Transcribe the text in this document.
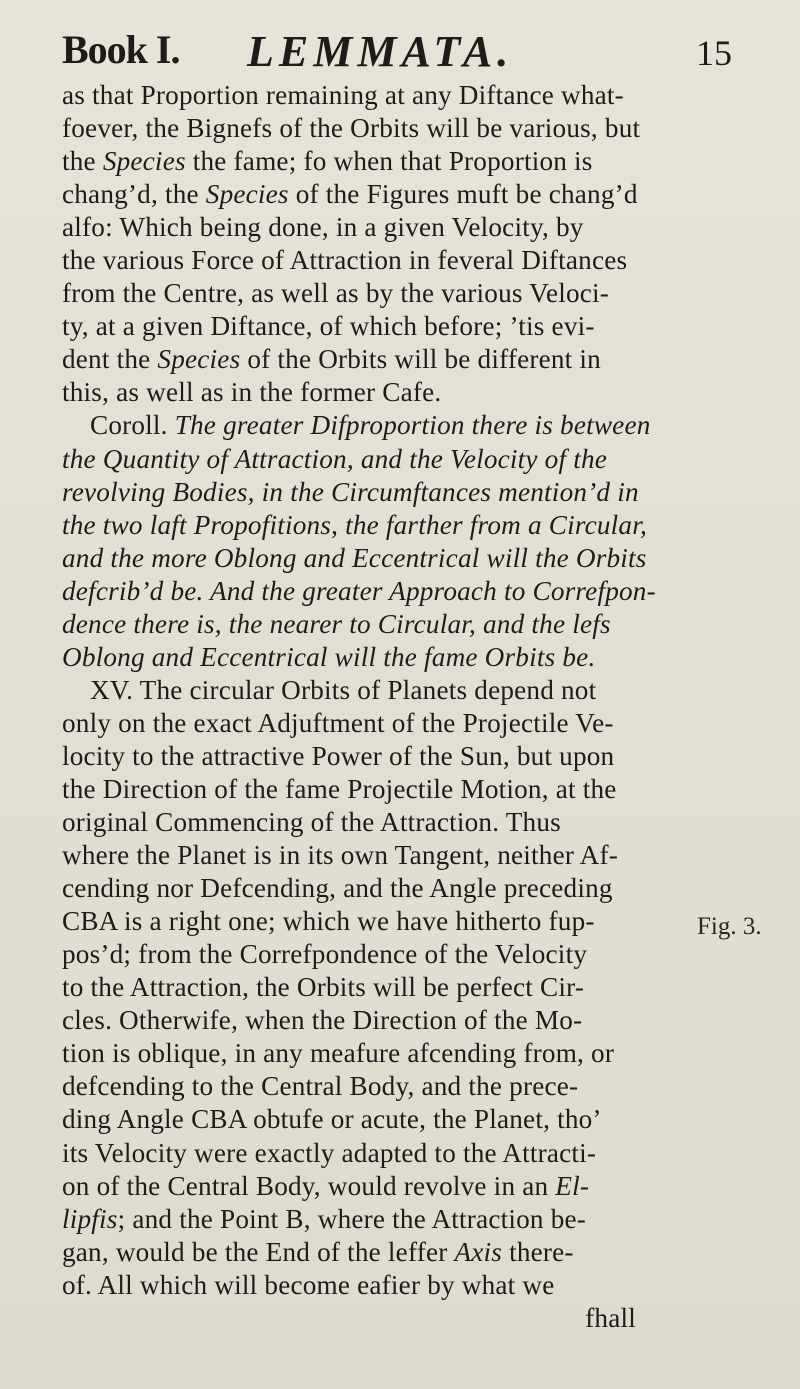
Book I. LEMMATA.	15
as that Proportion remaining at any Diftance what-
foever, the Bignefs of the Orbits will be various, but
the Species the fame; fo when that Proportion is
chang’d, the Species of the Figures muft be chang’d
alfo: Which being done, in a given Velocity, by
the various Force of Attraction in feveral Diftances
from the Centre, as well as by the various Veloci-
ty, at a given Diftance, of which before; ’tis evi-
dent the Species of the Orbits will be different in
this, as well as in the former Cafe.
Coroll. The greater Difproportion there is between
the Quantity of Attraction, and the Velocity of the
revolving Bodies, in the Circumftances mention’d in
the two laft Propofitions, the farther from a Circular,
and the more Oblong and Eccentrical will the Orbits
defcrib’d be. And the greater Approach to Correfpon-
dence there is, the nearer to Circular, and the lefs
Oblong and Eccentrical will the fame Orbits be.
XV. The circular Orbits of Planets depend not
only on the exact Adjuftment of the Projectile Ve-
locity to the attractive Power of the Sun, but upon
the Direction of the fame Projectile Motion, at the
original Commencing of the Attraction. Thus
where the Planet is in its own Tangent, neither Af-
cending nor Defcending, and the Angle preceding
CBA is a right one; which we have hitherto fup-
pos’d; from the Correfpondence of the Velocity
to the Attraction, the Orbits will be perfect Cir-
cles. Otherwife, when the Direction of the Mo-
tion is oblique, in any meafure afcending from, or
defcending to the Central Body, and the prece-
ding Angle CBA obtufe or acute, the Planet, tho’
its Velocity were exactly adapted to the Attracti-
on of the Central Body, would revolve in an El-
lipfis; and the Point B, where the Attraction be-
gan, would be the End of the leffer Axis there-
of. All which will become eafier by what we
fhall
Fig. 3.
